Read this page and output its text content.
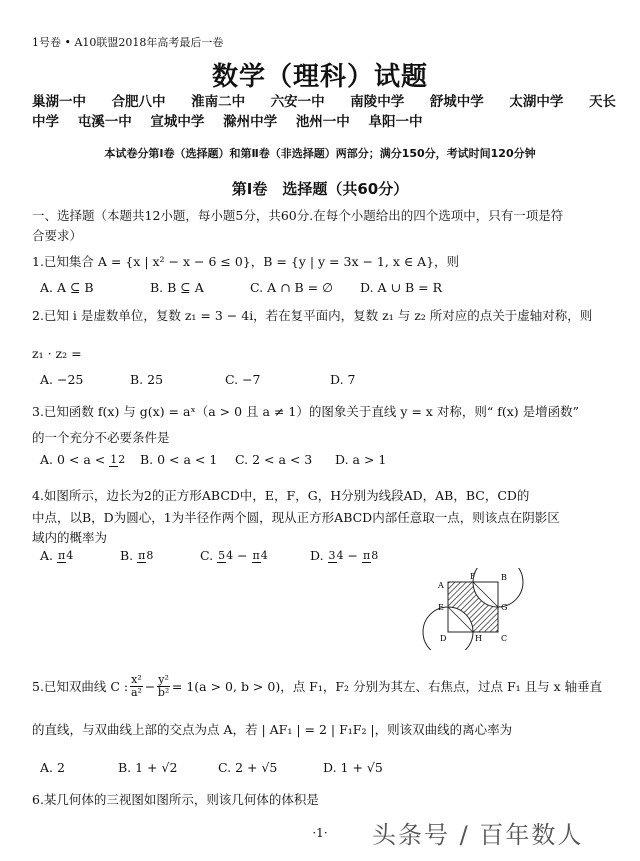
1号卷 • A10联盟2018年高考最后一卷
数学（理科）试题
巢湖一中 合肥八中 淮南二中 六安一中 南陵中学 舒城中学 太湖中学 天长
中学 屯溪一中 宣城中学 滁州中学 池州一中 阜阳一中
本试卷分第Ⅰ卷（选择题）和第Ⅱ卷（非选择题）两部分；满分150分，考试时间120分钟
第Ⅰ卷　选择题（共60分）
一、选择题（本题共12小题，每小题5分，共60分.在每个小题给出的四个选项中，只有一项是符
合要求）
1.已知集合 A = {x | x² − x − 6 ≤ 0}，B = {y | y = 3x − 1, x ∈ A}，则
A. A ⊆ B	B. B ⊆ A	C. A ∩ B = ∅	D. A ∪ B = R
2.已知 i 是虚数单位，复数 z₁ = 3 − 4i，若在复平面内，复数 z₁ 与 z₂ 所对应的点关于虚轴对称，则
z₁ · z₂ =
A. −25	B. 25	C. −7	D. 7
3.已知函数 f(x) 与 g(x) = aˣ（a > 0 且 a ≠ 1）的图象关于直线 y = x 对称，则“ f(x) 是增函数”
的一个充分不必要条件是
A. 0 < a < 12	B. 0 < a < 1	C. 2 < a < 3	D. a > 1
4.如图所示，边长为2的正方形ABCD中，E，F，G，H分别为线段AD，AB，BC，CD的
中点，以B，D为圆心，1为半径作两个圆，现从正方形ABCD内部任意取一点，则该点在阴影区
域内的概率为
A. π4	B. π8	C. 54 − π4	D. 34 − π8
A
F	B
E	G
D	H C
5.已知双曲线 C : $\frac{\text{x²}}{\text{a²}} - \frac{\text{y²}}{\text{b²}} = 1(a > 0$, b > 0)，点 F₁，F₂ 分别为其左、右焦点，过点 F₁ 且与 x 轴垂直
的直线，与双曲线上部的交点为点 A，若 | AF₁ | = 2 | F₁F₂ |，则该双曲线的离心率为
A. 2	B. 1 + √2	C. 2 + √5	D. 1 + √5
6.某几何体的三视图如图所示，则该几何体的体积是
·1·	头条号 / 百年数人
